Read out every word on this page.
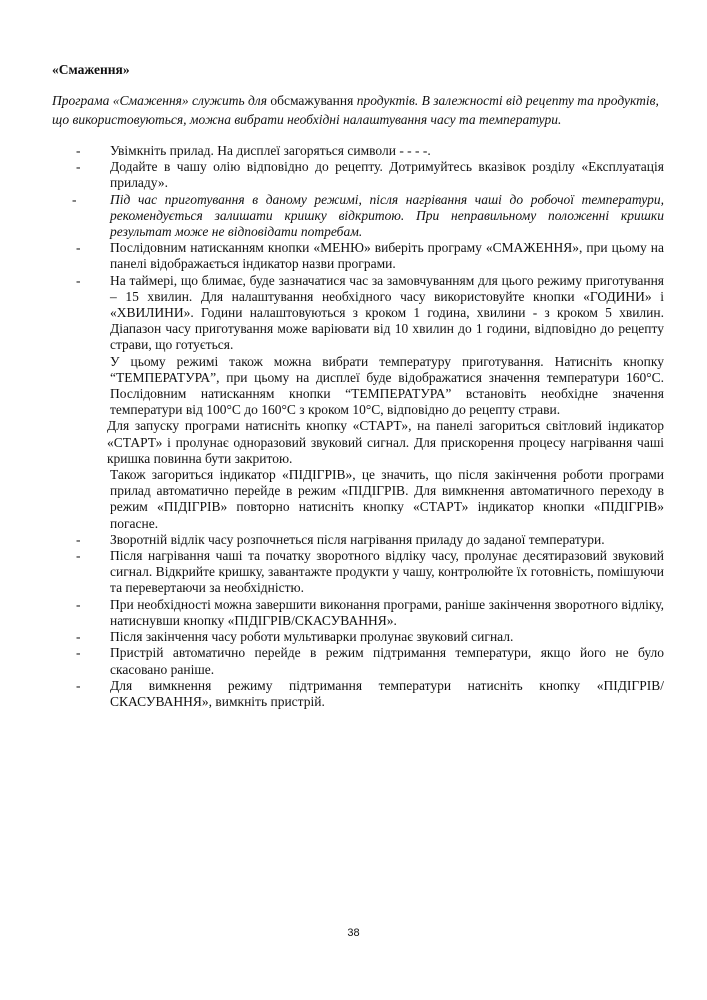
«Смаження»

Програма «Смаження» служить для обсмажування продуктів. В залежності від рецепту та продуктів, що використовуються, можна вибрати необхідні налаштування часу та температури.

- Увімкніть прилад. На дисплеї загоряться символи - - - -.
- Додайте в чашу олію відповідно до рецепту. Дотримуйтесь вказівок розділу «Експлуатація приладу».
- Під час приготування в даному режимі, після нагрівання чаші до робочої температури, рекомендується залишати кришку відкритою. При неправильному положенні кришки результат може не відповідати потребам.
- Послідовним натисканням кнопки «МЕНЮ» виберіть програму «СМАЖЕННЯ», при цьому на панелі відображається індикатор назви програми.
- На таймері, що блимає, буде зазначатися час за замовчуванням для цього режиму приготування – 15 хвилин. Для налаштування необхідного часу використовуйте кнопки «ГОДИНИ» і «ХВИЛИНИ». Години налаштовуються з кроком 1 година, хвилини - з кроком 5 хвилин. Діапазон часу приготування може варіювати від 10 хвилин до 1 години, відповідно до рецепту страви, що готується.

У цьому режимі також можна вибрати температуру приготування. Натисніть кнопку “ТЕМПЕРАТУРА”, при цьому на дисплеї буде відображатися значення температури 160°С. Послідовним натисканням кнопки “ТЕМПЕРАТУРА” встановіть необхідне значення температури від 100°С до 160°С з кроком 10°С, відповідно до рецепту страви.

Для запуску програми натисніть кнопку «СТАРТ», на панелі загориться світловий індикатор «СТАРТ» і пролунає одноразовий звуковий сигнал. Для прискорення процесу нагрівання чаші кришка повинна бути закритою.

Також загориться індикатор «ПІДІГРІВ», це значить, що після закінчення роботи програми прилад автоматично перейде в режим «ПІДІГРІВ. Для вимкнення автоматичного переходу в режим «ПІДІГРІВ» повторно натисніть кнопку «СТАРТ» індикатор кнопки «ПІДІГРІВ» погасне.

- Зворотній відлік часу розпочнеться після нагрівання приладу до заданої температури.
- Після нагрівання чаші та початку зворотного відліку часу, пролунає десятиразовий звуковий сигнал. Відкрийте кришку, завантажте продукти у чашу, контролюйте їх готовність, помішуючи та перевертаючи за необхідністю.
- При необхідності можна завершити виконання програми, раніше закінчення зворотного відліку, натиснувши кнопку «ПІДІГРІВ/СКАСУВАННЯ».
- Після закінчення часу роботи мультиварки пролунає звуковий сигнал.
- Пристрій автоматично перейде в режим підтримання температури, якщо його не було скасовано раніше.
- Для вимкнення режиму підтримання температури натисніть кнопку «ПІДІГРІВ/СКАСУВАННЯ», вимкніть пристрій.

38
